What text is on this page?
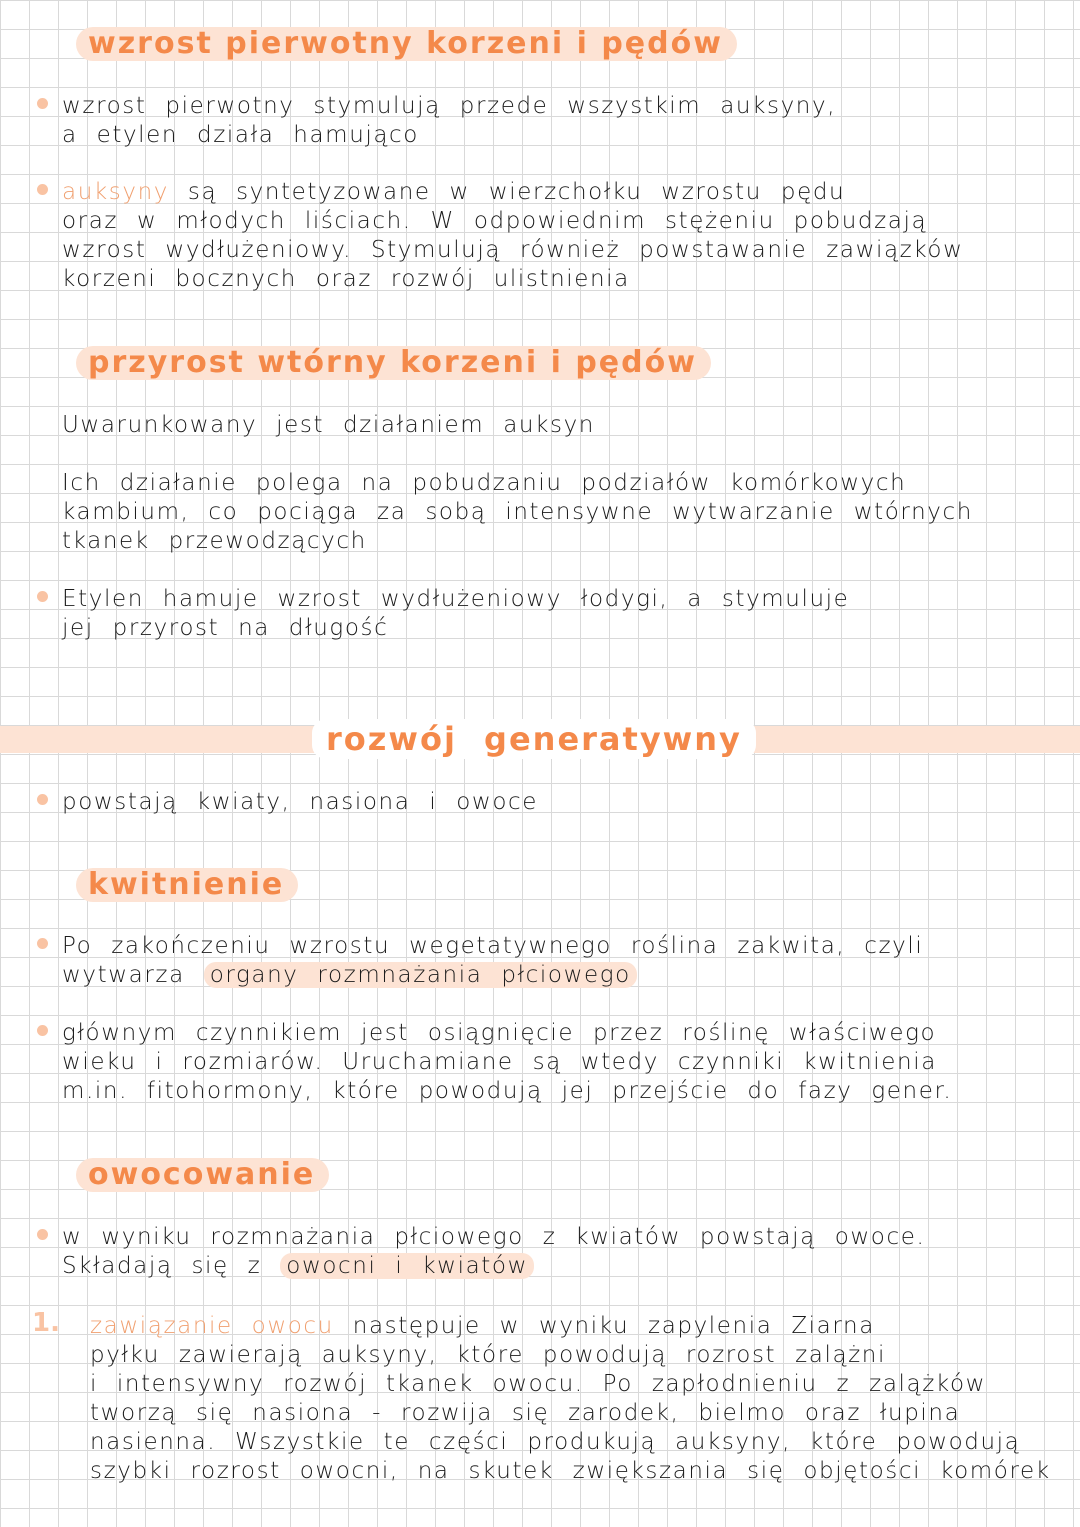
wzrost pierwotny korzeni i pędów
wzrost pierwotny stymulują przede wszystkim auksyny,
a etylen działa hamująco
auksyny są syntetyzowane w wierzchołku wzrostu pędu
oraz w młodych liściach. W odpowiednim stężeniu pobudzają
wzrost wydłużeniowy. Stymulują również powstawanie zawiązków
korzeni bocznych oraz rozwój ulistnienia
przyrost wtórny korzeni i pędów
Uwarunkowany jest działaniem auksyn
Ich działanie polega na pobudzaniu podziałów komórkowych
kambium, co pociąga za sobą intensywne wytwarzanie wtórnych
tkanek przewodzących
Etylen hamuje wzrost wydłużeniowy łodygi, a stymuluje
jej przyrost na długość
rozwój generatywny
powstają kwiaty, nasiona i owoce
kwitnienie
Po zakończeniu wzrostu wegetatywnego roślina zakwita, czyli
wytwarza organy rozmnażania płciowego
głównym czynnikiem jest osiągnięcie przez roślinę właściwego
wieku i rozmiarów. Uruchamiane są wtedy czynniki kwitnienia
m.in. fitohormony, które powodują jej przejście do fazy gener.
owocowanie
w wyniku rozmnażania płciowego z kwiatów powstają owoce.
Składają się z owocni i kwiatów
1. zawiązanie owocu następuje w wyniku zapylenia Ziarna
pyłku zawierają auksyny, które powodują rozrost zalążni
i intensywny rozwój tkanek owocu. Po zapłodnieniu z zalążków
tworzą się nasiona - rozwija się zarodek, bielmo oraz łupina
nasienna. Wszystkie te części produkują auksyny, które powodują
szybki rozrost owocni, na skutek zwiększania się objętości komórek
